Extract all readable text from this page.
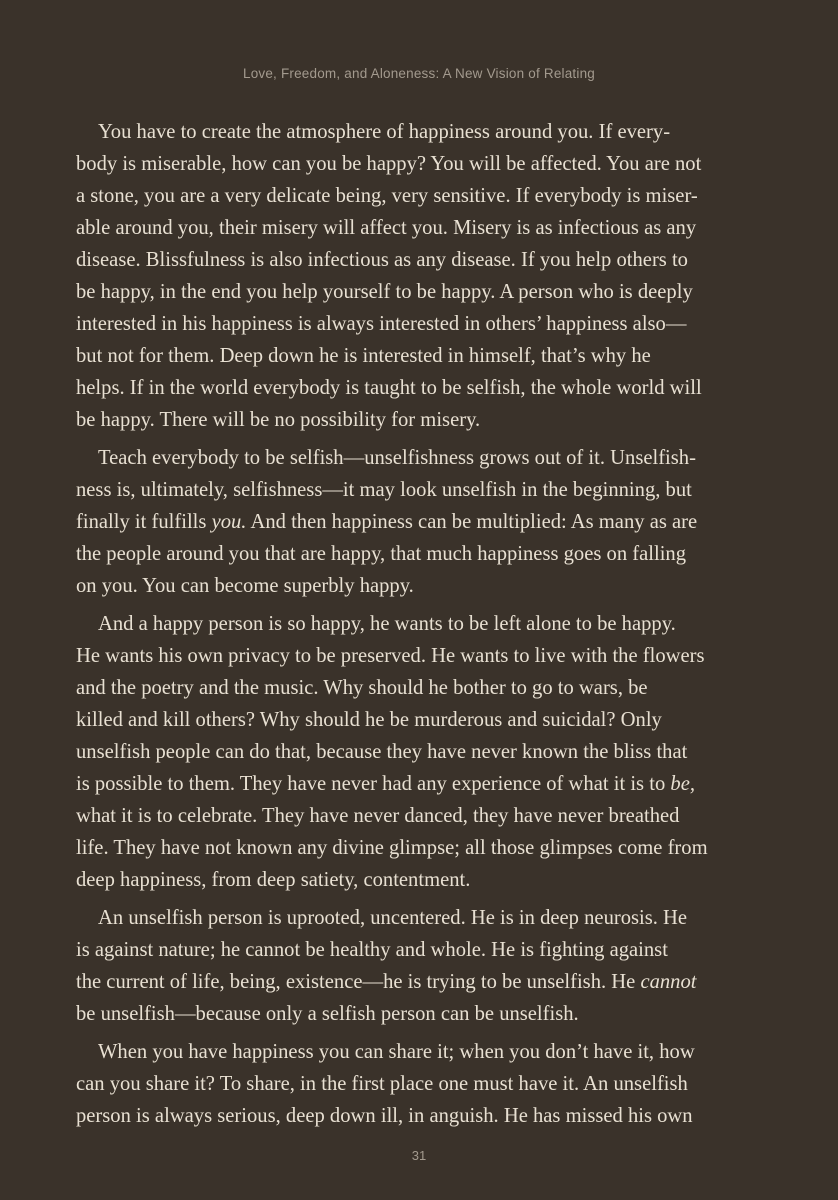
Love, Freedom, and Aloneness: A New Vision of Relating
You have to create the atmosphere of happiness around you. If every-
body is miserable, how can you be happy? You will be affected. You are not
a stone, you are a very delicate being, very sensitive. If everybody is miser-
able around you, their misery will affect you. Misery is as infectious as any
disease. Blissfulness is also infectious as any disease. If you help others to
be happy, in the end you help yourself to be happy. A person who is deeply
interested in his happiness is always interested in others’ happiness also—
but not for them. Deep down he is interested in himself, that’s why he
helps. If in the world everybody is taught to be selfish, the whole world will
be happy. There will be no possibility for misery.
Teach everybody to be selfish—unselfishness grows out of it. Unselfish-
ness is, ultimately, selfishness—it may look unselfish in the beginning, but
finally it fulfills you. And then happiness can be multiplied: As many as are
the people around you that are happy, that much happiness goes on falling
on you. You can become superbly happy.
And a happy person is so happy, he wants to be left alone to be happy.
He wants his own privacy to be preserved. He wants to live with the flowers
and the poetry and the music. Why should he bother to go to wars, be
killed and kill others? Why should he be murderous and suicidal? Only
unselfish people can do that, because they have never known the bliss that
is possible to them. They have never had any experience of what it is to be,
what it is to celebrate. They have never danced, they have never breathed
life. They have not known any divine glimpse; all those glimpses come from
deep happiness, from deep satiety, contentment.
An unselfish person is uprooted, uncentered. He is in deep neurosis. He
is against nature; he cannot be healthy and whole. He is fighting against
the current of life, being, existence—he is trying to be unselfish. He cannot
be unselfish—because only a selfish person can be unselfish.
When you have happiness you can share it; when you don’t have it, how
can you share it? To share, in the first place one must have it. An unselfish
person is always serious, deep down ill, in anguish. He has missed his own
31
